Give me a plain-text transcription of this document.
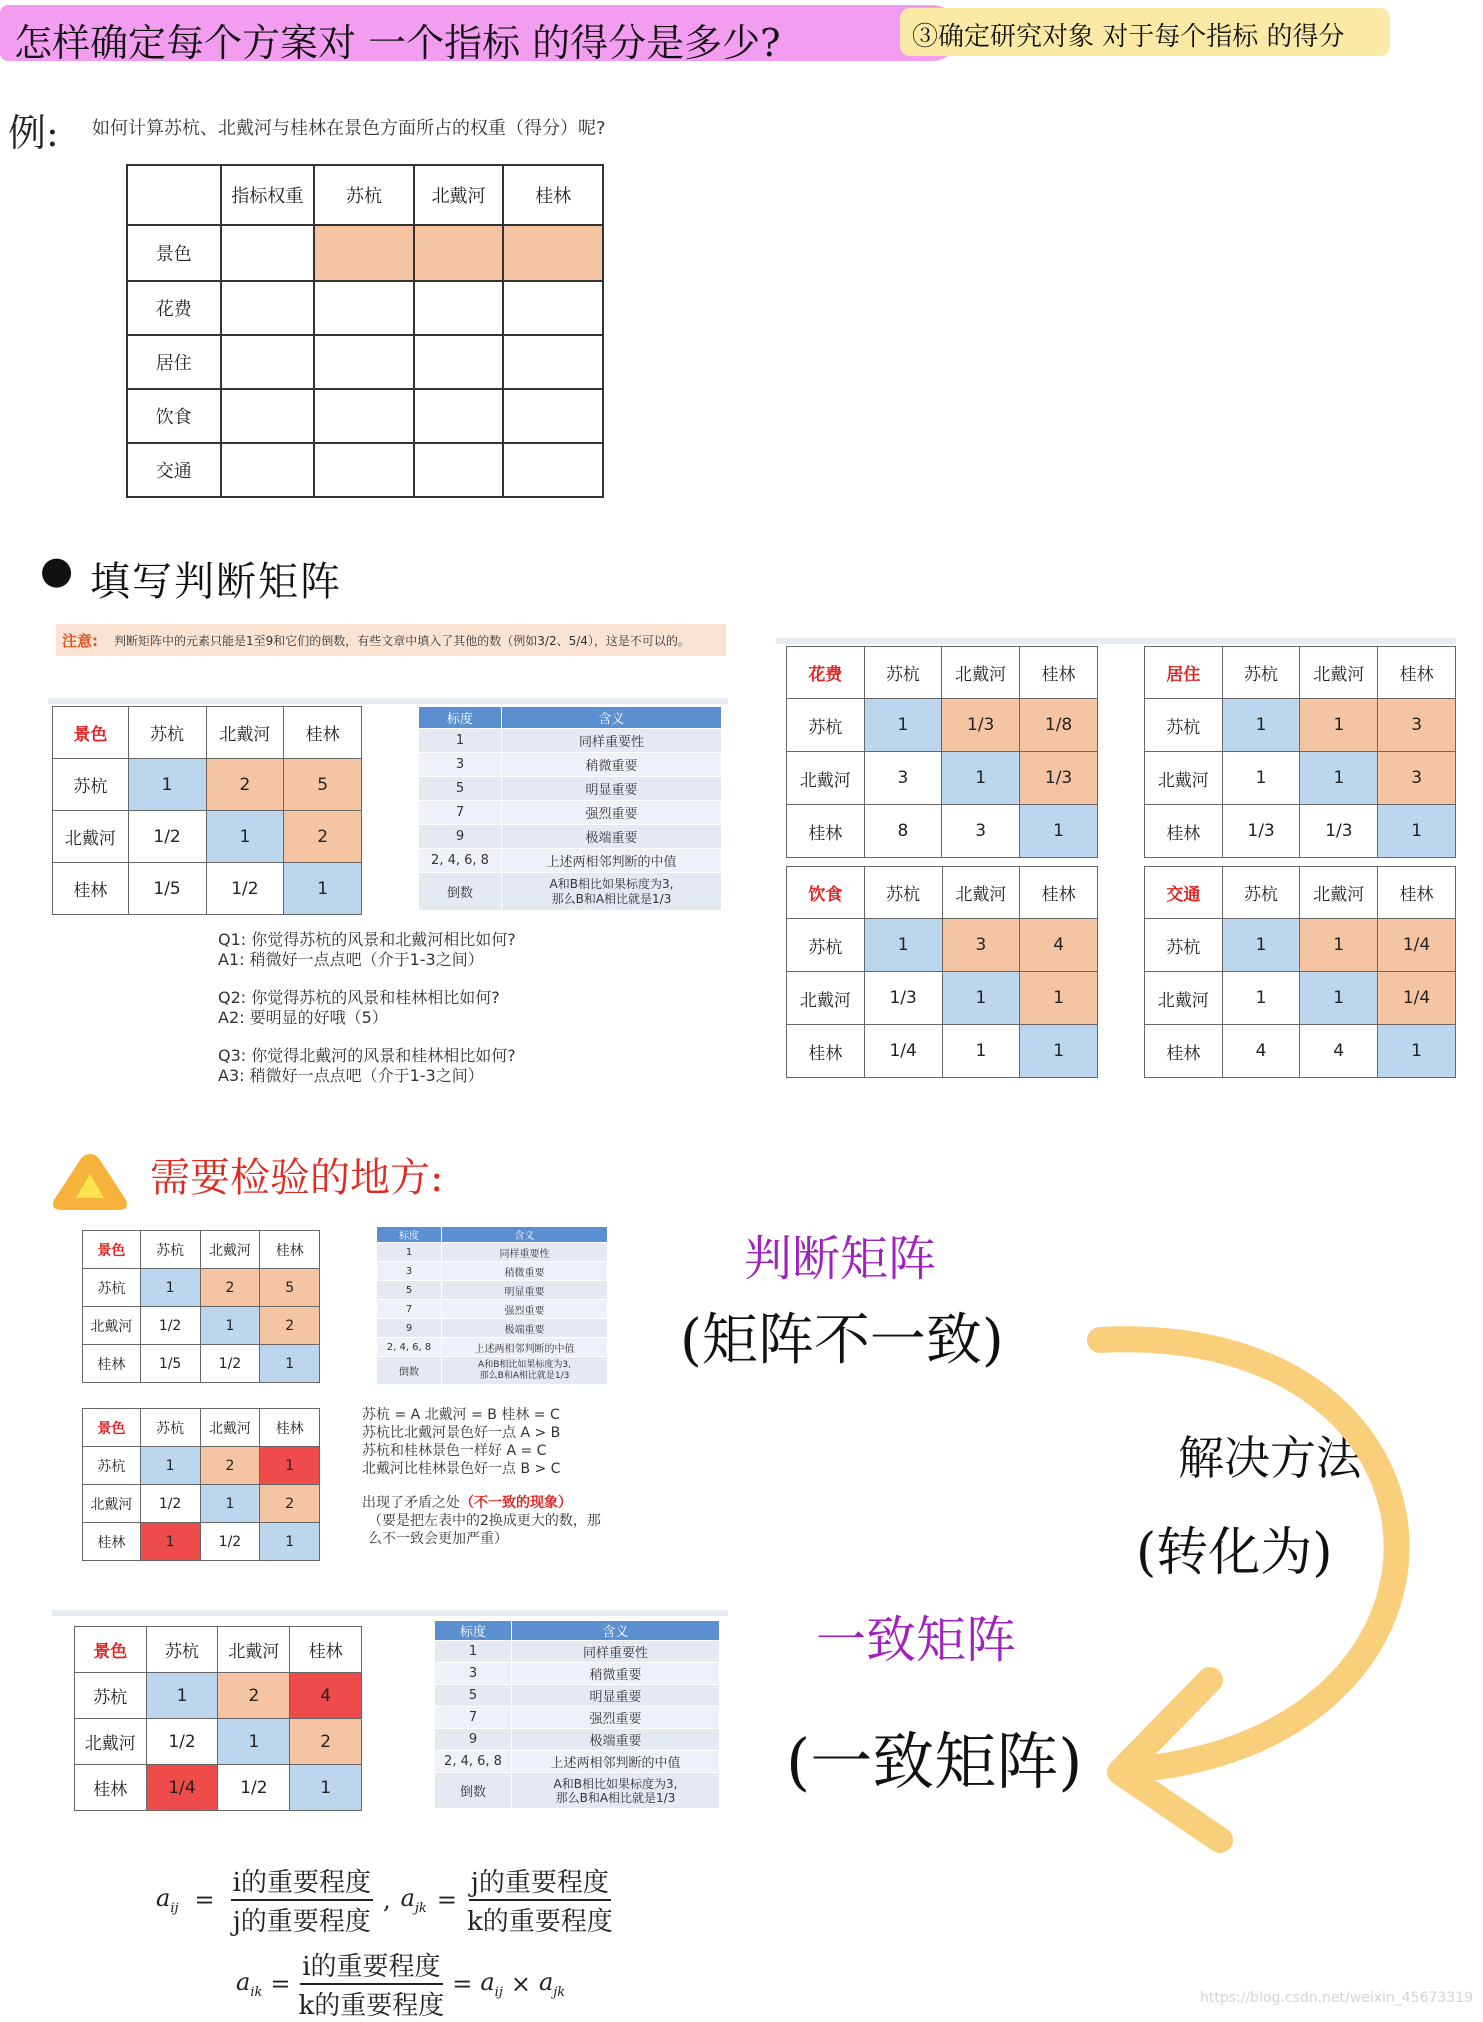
怎样确定每个方案对 一个指标 的得分是多少?	③确定研究对象 对于每个指标 的得分
例: 如何计算苏杭、北戴河与桂林在景色方面所占的权重（得分）呢?
	指标权重	苏杭	北戴河	桂林
景色				
花费				
居住				
饮食				
交通				
● 填写判断矩阵
注意: 判断矩阵中的元素只能是1至9和它们的倒数，有些文章中填入了其他的数（例如3/2、5/4），这是不可以的。
景色	苏杭	北戴河	桂林
苏杭	1	2	5
北戴河	1/2	1	2
桂林	1/5	1/2	1
标度	含义
1	同样重要性
3	稍微重要
5	明显重要
7	强烈重要
9	极端重要
2, 4, 6, 8	上述两相邻判断的中值
倒数	A和B相比如果标度为3,
那么B和A相比就是1/3
Q1: 你觉得苏杭的风景和北戴河相比如何?
A1: 稍微好一点点吧（介于1-3之间）
Q2: 你觉得苏杭的风景和桂林相比如何?
A2: 要明显的好哦（5）
Q3: 你觉得北戴河的风景和桂林相比如何?
A3: 稍微好一点点吧（介于1-3之间）
花费	苏杭	北戴河	桂林
苏杭	1	1/3	1/8
北戴河	3	1	1/3
桂林	8	3	1
居住	苏杭	北戴河	桂林
苏杭	1	1	3
北戴河	1	1	3
桂林	1/3	1/3	1
饮食	苏杭	北戴河	桂林
苏杭	1	3	4
北戴河	1/3	1	1
桂林	1/4	1	1
交通	苏杭	北戴河	桂林
苏杭	1	1	1/4
北戴河	1	1	1/4
桂林	4	4	1
需要检验的地方:
景色	苏杭	北戴河	桂林
苏杭	1	2	5
北戴河	1/2	1	2
桂林	1/5	1/2	1
标度	含义
1	同样重要性
3	稍微重要
5	明显重要
7	强烈重要
9	极端重要
2, 4, 6, 8	上述两相邻判断的中值
倒数	A和B相比如果标度为3,
那么B和A相比就是1/3
景色	苏杭	北戴河	桂林
苏杭	1	2	1
北戴河	1/2	1	2
桂林	1	1/2	1
苏杭 = A 北戴河 = B 桂林 = C
苏杭比北戴河景色好一点 A > B
苏杭和桂林景色一样好 A = C
北戴河比桂林景色好一点 B > C
出现了矛盾之处（不一致的现象）
（要是把左表中的2换成更大的数，那
么不一致会更加严重）
景色	苏杭	北戴河	桂林
苏杭	1	2	4
北戴河	1/2	1	2
桂林	1/4	1/2	1
标度	含义
1	同样重要性
3	稍微重要
5	明显重要
7	强烈重要
9	极端重要
2, 4, 6, 8	上述两相邻判断的中值
倒数	A和B相比如果标度为3,
那么B和A相比就是1/3
判断矩阵
(矩阵不一致)
解决方法
(转化为)
一致矩阵
(一致矩阵)
$a_{ij}$ =
i的重要程度
j的重要程度
, $a_{jk}$ =
j的重要程度
k的重要程度
$a_{ik}$ =
i的重要程度
k的重要程度
= $a_{ij} \times a_{jk}$	https://blog.csdn.net/weixin_45673319
